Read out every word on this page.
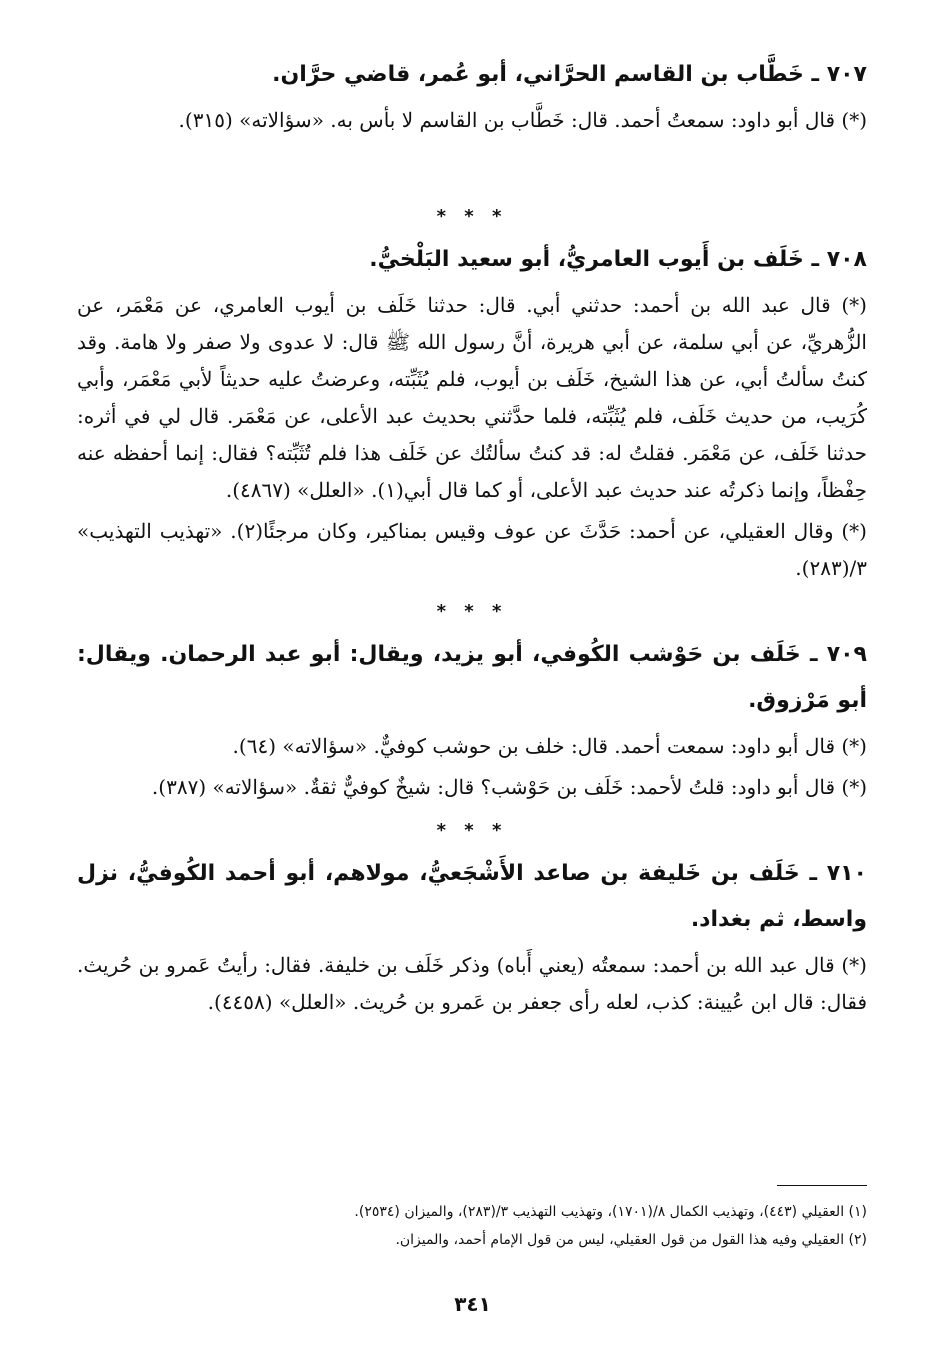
٧٠٧ ـ خَطَّاب بن القاسم الحرَّاني، أبو عُمر، قاضي حرَّان.

(*) قال أبو داود: سمعتُ أحمد. قال: خَطَّاب بن القاسم لا بأس به. «سؤالاته» (٣١٥).

* * *

٧٠٨ ـ خَلَف بن أَيوب العامريُّ، أبو سعيد البَلْخيُّ.

(*) قال عبد الله بن أحمد: حدثني أبي. قال: حدثنا خَلَف بن أيوب العامري، عن مَعْمَر، عن الزُّهريِّ، عن أبي سلمة، عن أبي هريرة، أنَّ رسول الله ﷺ قال: لا عدوى ولا صفر ولا هامة. وقد كنتُ سألتُ أبي، عن هذا الشيخ، خَلَف بن أيوب، فلم يُثَبِّته، وعرضتُ عليه حديثاً لأبي مَعْمَر، وأبي كُرَيب، من حديث خَلَف، فلم يُثَبِّته، فلما حدَّثني بحديث عبد الأعلى، عن مَعْمَر. قال لي في أثره: حدثنا خَلَف، عن مَعْمَر. فقلتُ له: قد كنتُ سألتُك عن خَلَف هذا فلم تُثَبِّته؟ فقال: إنما أحفظه عنه حِفْظاً، وإنما ذكرتُه عند حديث عبد الأعلى، أو كما قال أبي(١). «العلل» (٤٨٦٧).

(*) وقال العقيلي، عن أحمد: حَدَّثَ عن عوف وقيس بمناكير، وكان مرجئًا(٢). «تهذيب التهذيب» ٣/(٢٨٣).

* * *

٧٠٩ ـ خَلَف بن حَوْشب الكُوفي، أبو يزيد، ويقال: أبو عبد الرحمان. ويقال: أبو مَرْزوق.

(*) قال أبو داود: سمعت أحمد. قال: خلف بن حوشب كوفيٌّ. «سؤالاته» (٦٤).

(*) قال أبو داود: قلتُ لأحمد: خَلَف بن حَوْشب؟ قال: شيخٌ كوفيٌّ ثقةٌ. «سؤالاته» (٣٨٧).

* * *

٧١٠ ـ خَلَف بن خَليفة بن صاعد الأَشْجَعيُّ، مولاهم، أبو أحمد الكُوفيُّ، نزل واسط، ثم بغداد.

(*) قال عبد الله بن أحمد: سمعتُه (يعني أَباه) وذكر خَلَف بن خليفة. فقال: رأيتُ عَمرو بن حُريث. فقال: قال ابن عُيينة: كذب، لعله رأى جعفر بن عَمرو بن حُريث. «العلل» (٤٤٥٨).

(١) العقيلي (٤٤٣)، وتهذيب الكمال ٨/(١٧٠١)، وتهذيب التهذيب ٣/(٢٨٣)، والميزان (٢٥٣٤).

(٢) العقيلي وفيه هذا القول من قول العقيلي، ليس من قول الإمام أحمد، والميزان.

٣٤١
